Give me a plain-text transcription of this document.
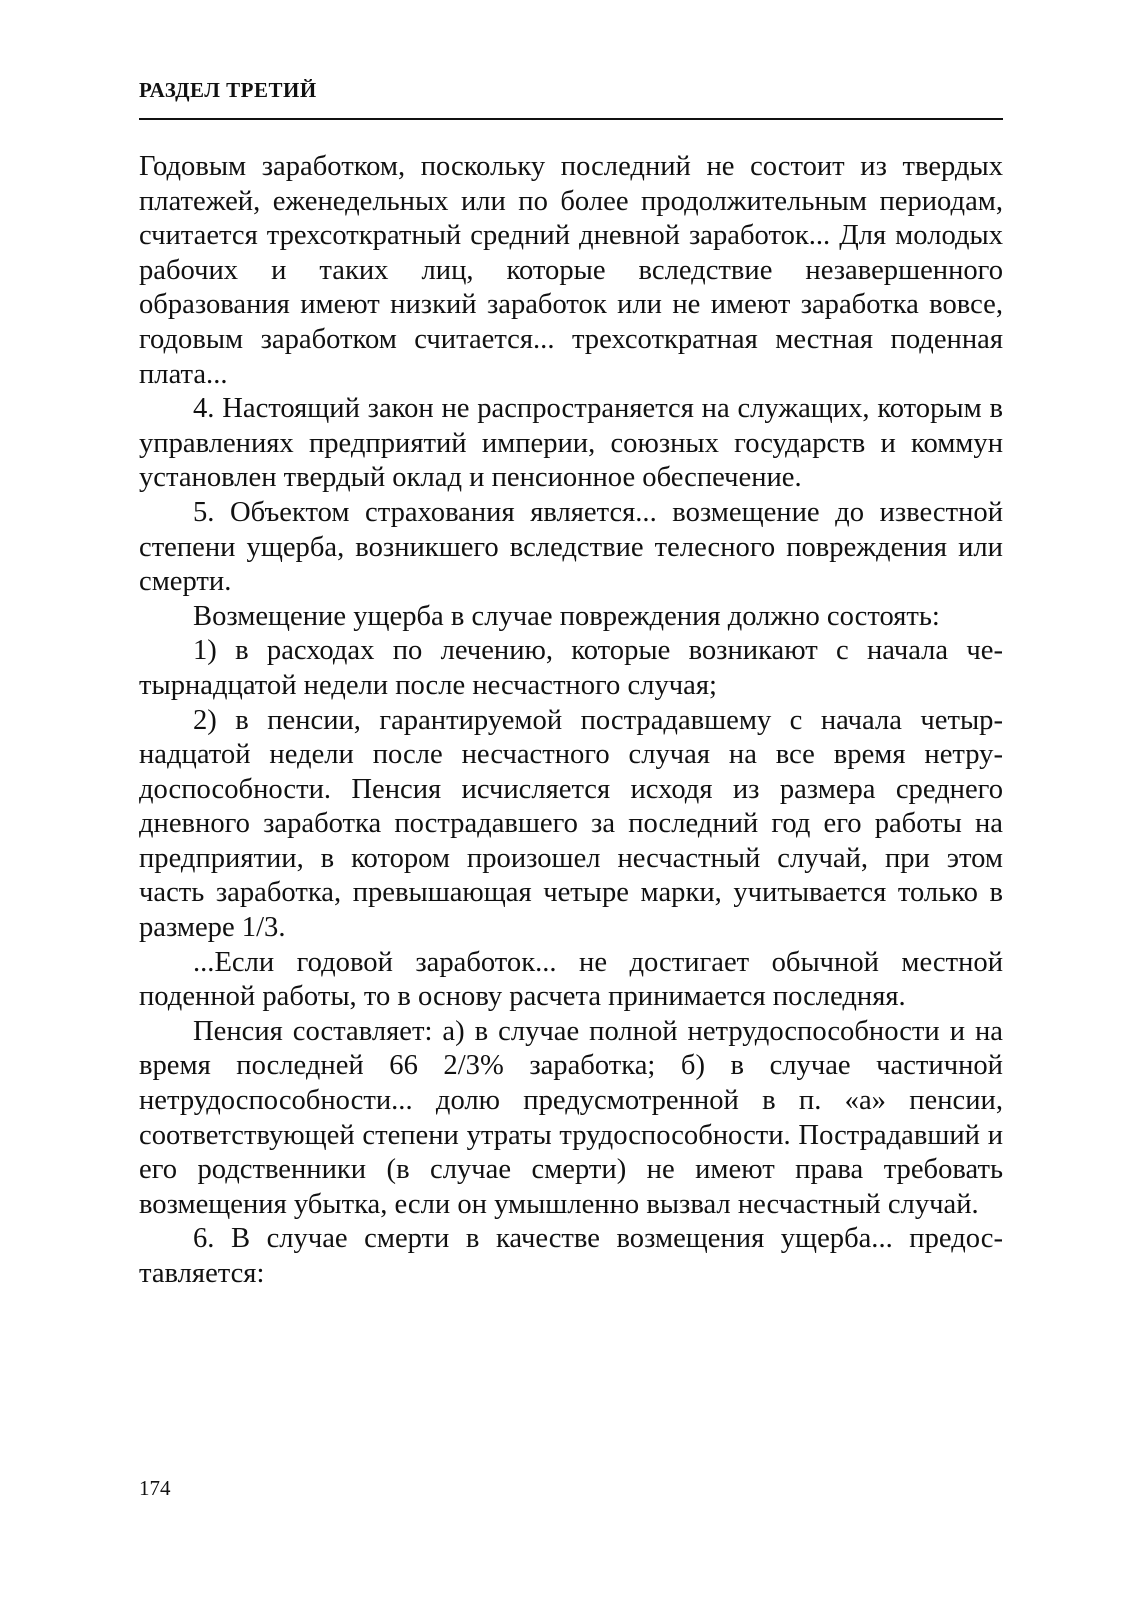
РАЗДЕЛ ТРЕТИЙ

Годовым заработком, поскольку последний не состоит из твердых платежей, еженедельных или по более продолжительным периодам, считается трехсоткратный средний дневной заработок... Для молодых рабочих и таких лиц, которые вследствие незавершенного образования имеют низкий заработок или не имеют заработка вовсе, годовым заработком считается... трехсоткратная местная поденная плата...

4. Настоящий закон не распространяется на служащих, которым в управлениях предприятий империи, союзных государств и коммун установлен твердый оклад и пенсионное обеспечение.

5. Объектом страхования является... возмещение до известной степени ущерба, возникшего вследствие телесного повреждения или смерти.

Возмещение ущерба в случае повреждения должно состоять:

1) в расходах по лечению, которые возникают с начала четырнадцатой недели после несчастного случая;

2) в пенсии, гарантируемой пострадавшему с начала четырнадцатой недели после несчастного случая на все время нетрудоспособности. Пенсия исчисляется исходя из размера среднего дневного заработка пострадавшего за последний год его работы на предприятии, в котором произошел несчастный случай, при этом часть заработка, превышающая четыре марки, учитывается только в размере 1/3.

...Если годовой заработок... не достигает обычной местной поденной работы, то в основу расчета принимается последняя.

Пенсия составляет: а) в случае полной нетрудоспособности и на время последней 66 2/3% заработка; б) в случае частичной нетрудоспособности... долю предусмотренной в п. «а» пенсии, соответствующей степени утраты трудоспособности. Пострадавший и его родственники (в случае смерти) не имеют права требовать возмещения убытка, если он умышленно вызвал несчастный случай.

6. В случае смерти в качестве возмещения ущерба... предоставляется:

174
